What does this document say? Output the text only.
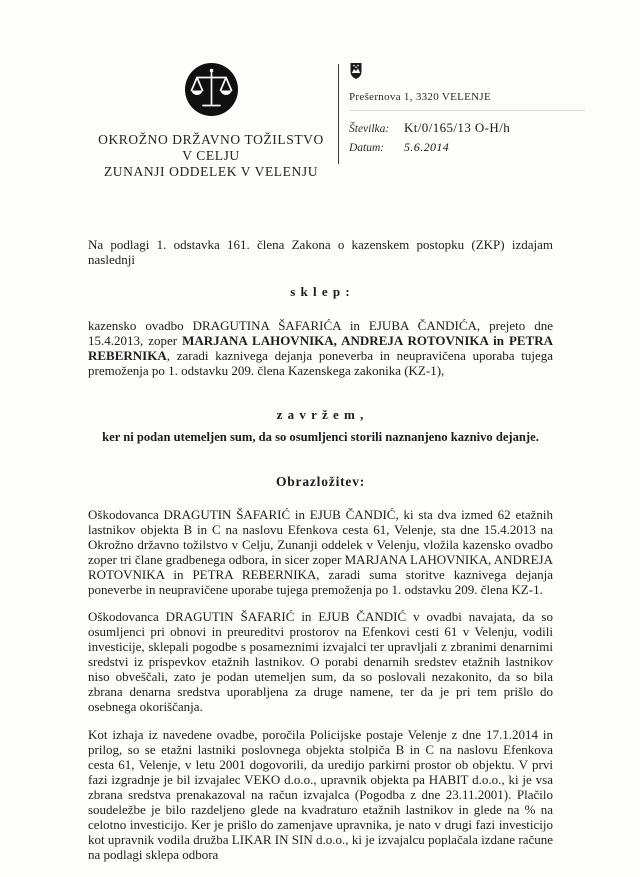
OKROŽNO DRŽAVNO TOŽILSTVO
V CELJU
ZUNANJI ODDELEK V VELENJU
Prešernova 1, 3320 VELENJE
Številka: Kt/0/165/13 O-H/h
Datum: 5.6.2014

Na podlagi 1. odstavka 161. člena Zakona o kazenskem postopku (ZKP) izdajam naslednji

s k l e p :

kazensko ovadbo DRAGUTINA ŠAFARIĆA in EJUBA ČANDIĆA, prejeto dne 15.4.2013, zoper MARJANA LAHOVNIKA, ANDREJA ROTOVNIKA in PETRA REBERNIKA, zaradi kaznivega dejanja poneverba in neupravičena uporaba tujega premoženja po 1. odstavku 209. člena Kazenskega zakonika (KZ-1),

z a v r ž e m ,

ker ni podan utemeljen sum, da so osumljenci storili naznanjeno kaznivo dejanje.

Obrazložitev:

Oškodovanca DRAGUTIN ŠAFARIĆ in EJUB ČANDIĆ, ki sta dva izmed 62 etažnih lastnikov objekta B in C na naslovu Efenkova cesta 61, Velenje, sta dne 15.4.2013 na Okrožno državno tožilstvo v Celju, Zunanji oddelek v Velenju, vložila kazensko ovadbo zoper tri člane gradbenega odbora, in sicer zoper MARJANA LAHOVNIKA, ANDREJA ROTOVNIKA in PETRA REBERNIKA, zaradi suma storitve kaznivega dejanja poneverbe in neupravičene uporabe tujega premoženja po 1. odstavku 209. člena KZ-1.

Oškodovanca DRAGUTIN ŠAFARIĆ in EJUB ČANDIĆ v ovadbi navajata, da so osumljenci pri obnovi in preureditvi prostorov na Efenkovi cesti 61 v Velenju, vodili investicije, sklepali pogodbe s posameznimi izvajalci ter upravljali z zbranimi denarnimi sredstvi iz prispevkov etažnih lastnikov. O porabi denarnih sredstev etažnih lastnikov niso obveščali, zato je podan utemeljen sum, da so poslovali nezakonito, da so bila zbrana denarna sredstva uporabljena za druge namene, ter da je pri tem prišlo do osebnega okoriščanja.

Kot izhaja iz navedene ovadbe, poročila Policijske postaje Velenje z dne 17.1.2014 in prilog, so se etažni lastniki poslovnega objekta stolpiča B in C na naslovu Efenkova cesta 61, Velenje, v letu 2001 dogovorili, da uredijo parkirni prostor ob objektu. V prvi fazi izgradnje je bil izvajalec VEKO d.o.o., upravnik objekta pa HABIT d.o.o., ki je vsa zbrana sredstva prenakazoval na račun izvajalca (Pogodba z dne 23.11.2001). Plačilo soudeležbe je bilo razdeljeno glede na kvadraturo etažnih lastnikov in glede na % na celotno investicijo. Ker je prišlo do zamenjave upravnika, je nato v drugi fazi investicijo kot upravnik vodila družba LIKAR IN SIN d.o.o., ki je izvajalcu poplačala izdane račune na podlagi sklepa odbora
